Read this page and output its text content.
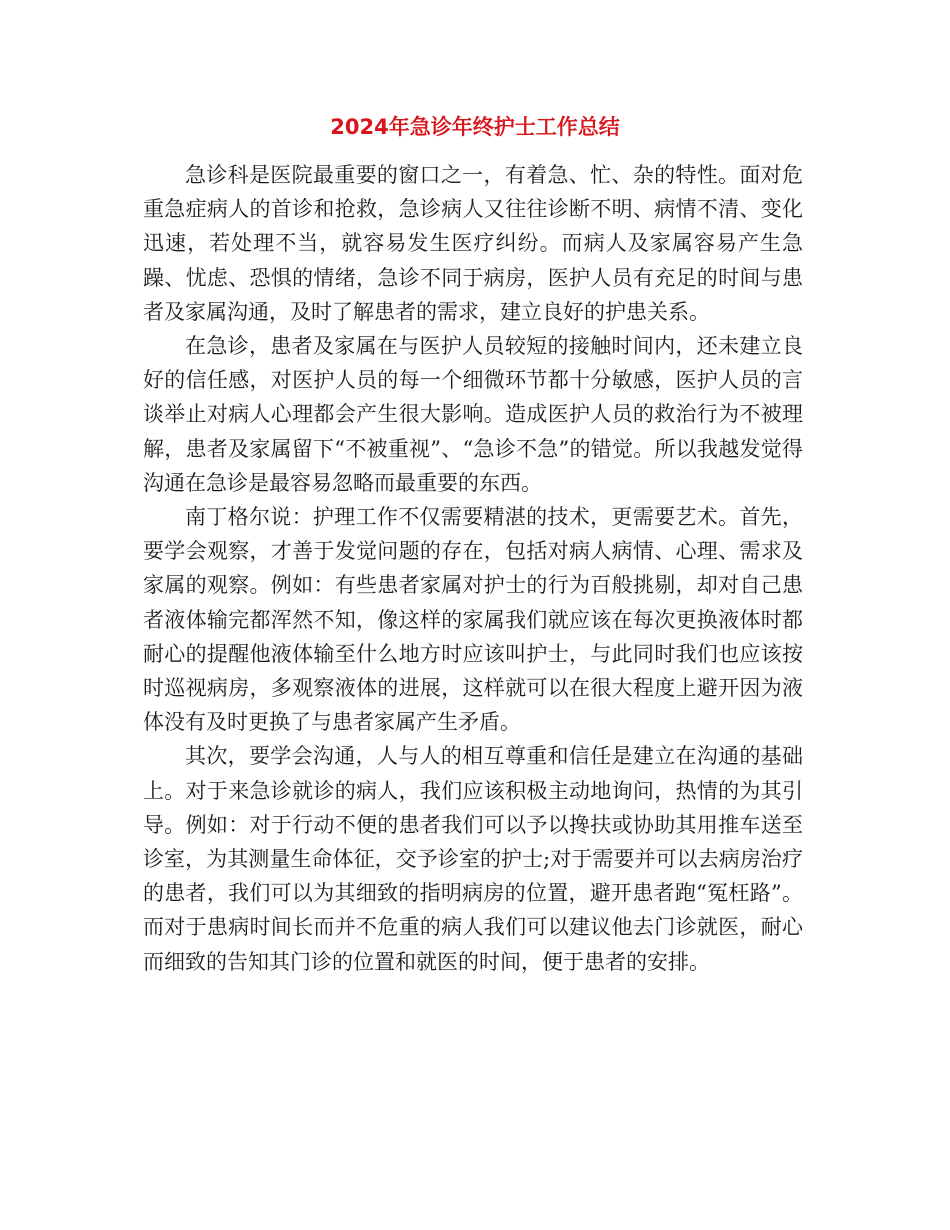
2024年急诊年终护士工作总结

急诊科是医院最重要的窗口之一，有着急、忙、杂的特性。面对危重急症病人的首诊和抢救，急诊病人又往往诊断不明、病情不清、变化迅速，若处理不当，就容易发生医疗纠纷。而病人及家属容易产生急躁、忧虑、恐惧的情绪，急诊不同于病房，医护人员有充足的时间与患者及家属沟通，及时了解患者的需求，建立良好的护患关系。

在急诊，患者及家属在与医护人员较短的接触时间内，还未建立良好的信任感，对医护人员的每一个细微环节都十分敏感，医护人员的言谈举止对病人心理都会产生很大影响。造成医护人员的救治行为不被理解，患者及家属留下“不被重视”、“急诊不急”的错觉。所以我越发觉得沟通在急诊是最容易忽略而最重要的东西。

南丁格尔说：护理工作不仅需要精湛的技术，更需要艺术。首先，要学会观察，才善于发觉问题的存在，包括对病人病情、心理、需求及家属的观察。例如：有些患者家属对护士的行为百般挑剔，却对自己患者液体输完都浑然不知，像这样的家属我们就应该在每次更换液体时都耐心的提醒他液体输至什么地方时应该叫护士，与此同时我们也应该按时巡视病房，多观察液体的进展，这样就可以在很大程度上避开因为液体没有及时更换了与患者家属产生矛盾。

其次，要学会沟通，人与人的相互尊重和信任是建立在沟通的基础上。对于来急诊就诊的病人，我们应该积极主动地询问，热情的为其引导。例如：对于行动不便的患者我们可以予以搀扶或协助其用推车送至诊室，为其测量生命体征，交予诊室的护士;对于需要并可以去病房治疗的患者，我们可以为其细致的指明病房的位置，避开患者跑“冤枉路”。而对于患病时间长而并不危重的病人我们可以建议他去门诊就医，耐心而细致的告知其门诊的位置和就医的时间，便于患者的安排。
